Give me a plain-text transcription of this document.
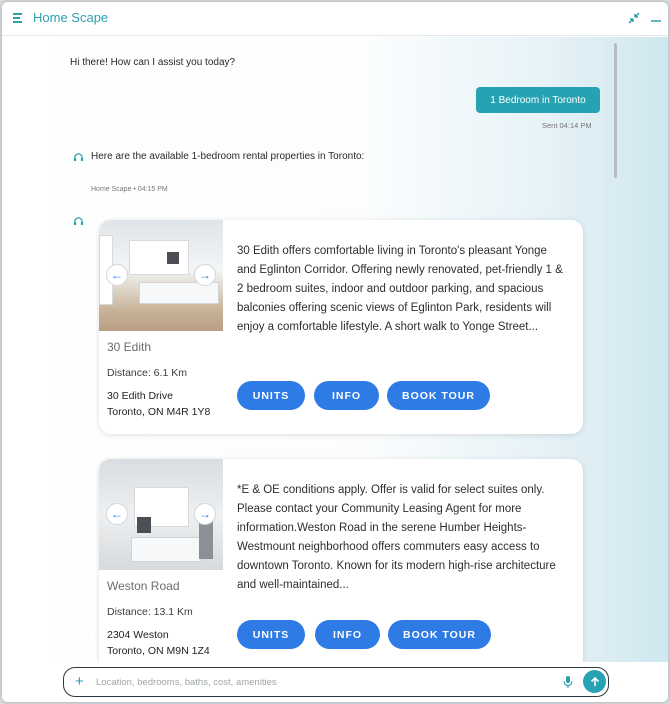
Home Scape
Hi there! How can I assist you today?
1 Bedroom in Toronto
Sent 04:14 PM
Here are the available 1-bedroom rental properties in Toronto:
Home Scape • 04:15 PM
←	→
30 Edith
Distance: 6.1 Km
30 Edith Drive
Toronto, ON M4R 1Y8
30 Edith offers comfortable living in Toronto's pleasant Yonge and Eglinton Corridor. Offering newly renovated, pet-friendly 1 & 2 bedroom suites, indoor and outdoor parking, and spacious balconies offering scenic views of Eglinton Park, residents will enjoy a comfortable lifestyle. A short walk to Yonge Street...
UNITS	INFO	BOOK TOUR
←	→
Weston Road
Distance: 13.1 Km
2304 Weston
Toronto, ON M9N 1Z4
*E & OE conditions apply. Offer is valid for select suites only. Please contact your Community Leasing Agent for more information.Weston Road in the serene Humber Heights-Westmount neighborhood offers commuters easy access to downtown Toronto. Known for its modern high-rise architecture and well-maintained...
UNITS	INFO	BOOK TOUR
+
Location, bedrooms, baths, cost, amenities
